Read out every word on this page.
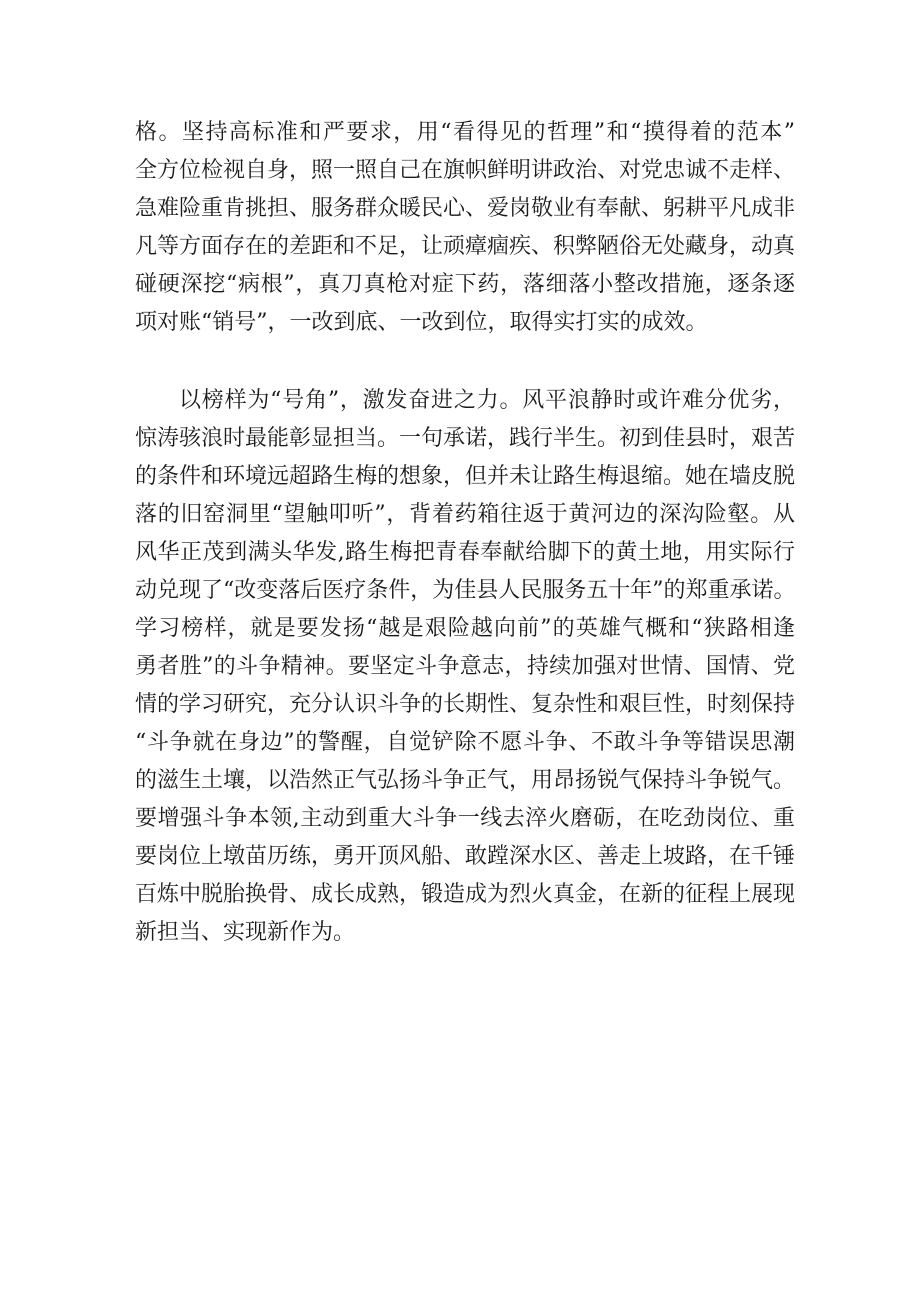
格。坚持高标准和严要求，用“看得见的哲理”和“摸得着的范本”
全方位检视自身，照一照自己在旗帜鲜明讲政治、对党忠诚不走样、
急难险重肯挑担、服务群众暖民心、爱岗敬业有奉献、躬耕平凡成非
凡等方面存在的差距和不足，让顽瘴痼疾、积弊陋俗无处藏身，动真
碰硬深挖“病根”，真刀真枪对症下药，落细落小整改措施，逐条逐
项对账“销号”，一改到底、一改到位，取得实打实的成效。

以榜样为“号角”，激发奋进之力。风平浪静时或许难分优劣，
惊涛骇浪时最能彰显担当。一句承诺，践行半生。初到佳县时，艰苦
的条件和环境远超路生梅的想象，但并未让路生梅退缩。她在墙皮脱
落的旧窑洞里“望触叩听”，背着药箱往返于黄河边的深沟险壑。从
风华正茂到满头华发,路生梅把青春奉献给脚下的黄土地，用实际行
动兑现了“改变落后医疗条件，为佳县人民服务五十年”的郑重承诺。
学习榜样，就是要发扬“越是艰险越向前”的英雄气概和“狭路相逢
勇者胜”的斗争精神。要坚定斗争意志，持续加强对世情、国情、党
情的学习研究，充分认识斗争的长期性、复杂性和艰巨性，时刻保持
“斗争就在身边”的警醒，自觉铲除不愿斗争、不敢斗争等错误思潮
的滋生土壤，以浩然正气弘扬斗争正气，用昂扬锐气保持斗争锐气。
要增强斗争本领,主动到重大斗争一线去淬火磨砺，在吃劲岗位、重
要岗位上墩苗历练，勇开顶风船、敢蹚深水区、善走上坡路，在千锤
百炼中脱胎换骨、成长成熟，锻造成为烈火真金，在新的征程上展现
新担当、实现新作为。
